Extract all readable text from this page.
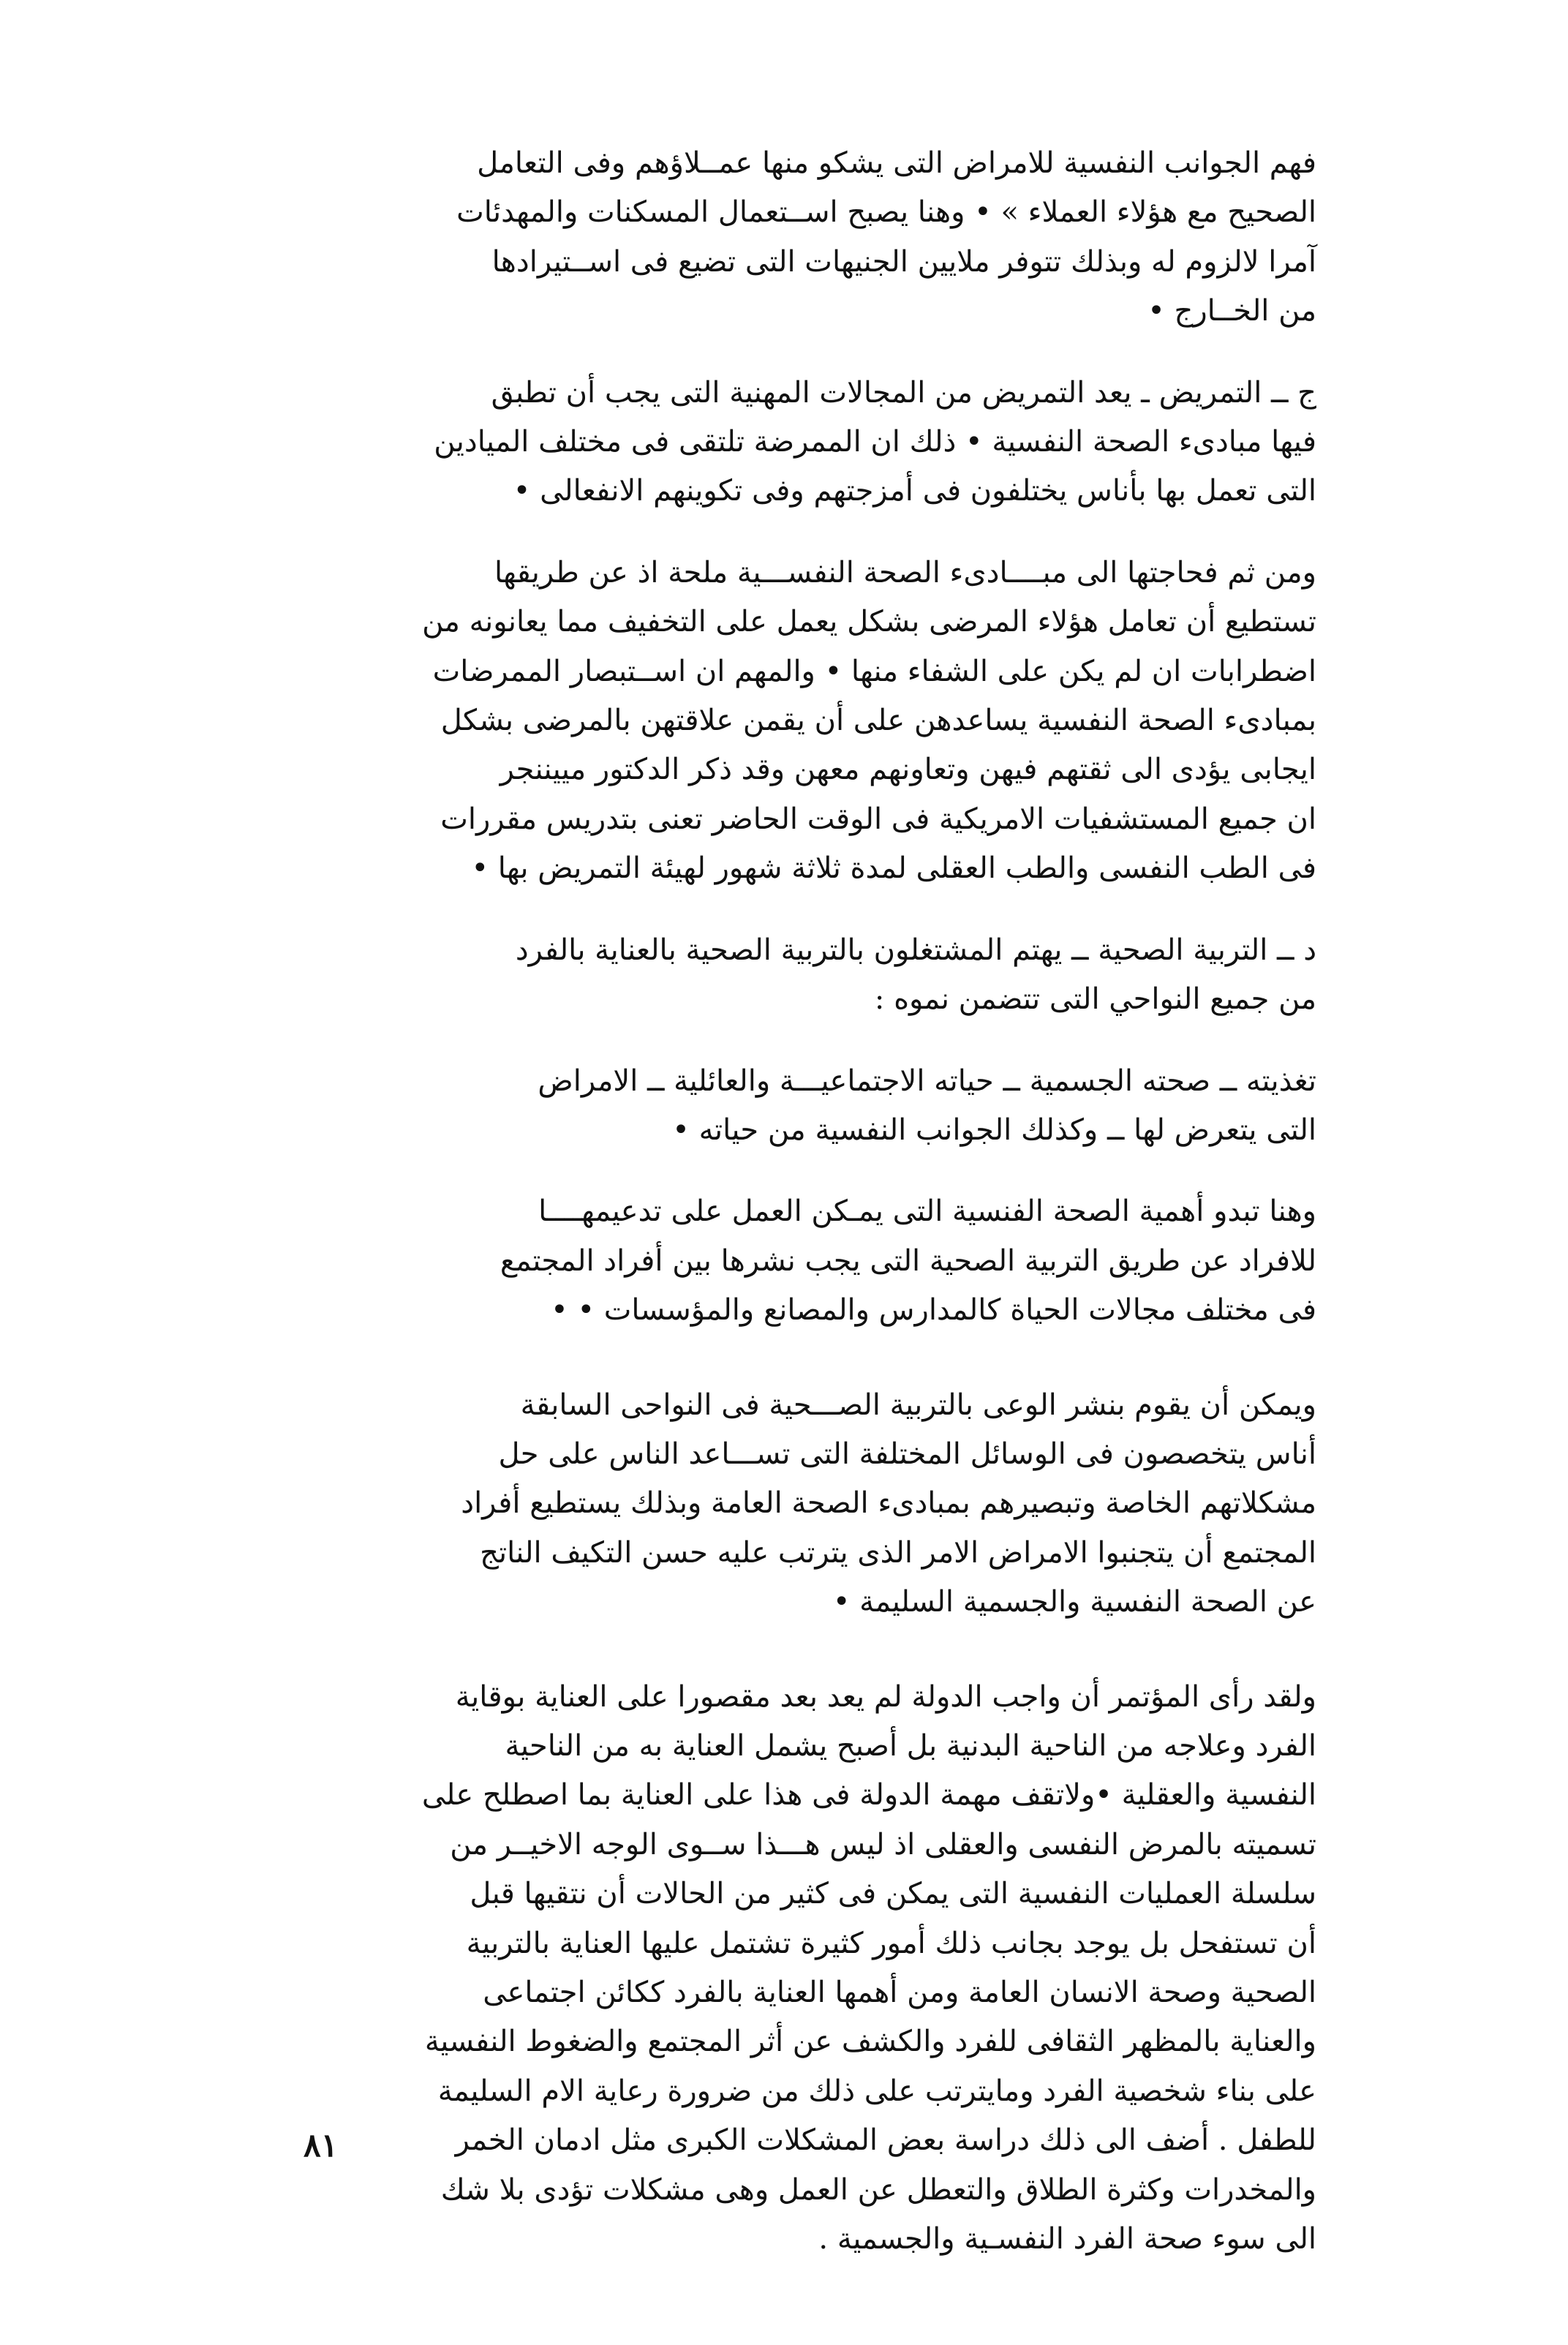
فهم الجوانب النفسية للامراض التى يشكو منها عمــلاؤهم وفى التعامل
الصحيح مع هؤلاء العملاء » • وهنا يصبح اســتعمال المسكنات والمهدئات
آمرا لالزوم له وبذلك تتوفر ملايين الجنيهات التى تضيع فى اســتيرادها
من الخــارج •

ج ــ التمريض ـ يعد التمريض من المجالات المهنية التى يجب أن تطبق
فيها مبادىء الصحة النفسية • ذلك ان الممرضة تلتقى فى مختلف الميادين
التى تعمل بها بأناس يختلفون فى أمزجتهم وفى تكوينهم الانفعالى •

ومن ثم فحاجتها الى مبــــادىء الصحة النفســـية ملحة اذ عن طريقها
تستطيع أن تعامل هؤلاء المرضى بشكل يعمل على التخفيف مما يعانونه من
اضطرابات ان لم يكن على الشفاء منها • والمهم ان اســتبصار الممرضات
بمبادىء الصحة النفسية يساعدهن على أن يقمن علاقتهن بالمرضى بشكل
ايجابى يؤدى الى ثقتهم فيهن وتعاونهم معهن وقد ذكر الدكتور مييننجر
ان جميع المستشفيات الامريكية فى الوقت الحاضر تعنى بتدريس مقررات
فى الطب النفسى والطب العقلى لمدة ثلاثة شهور لهيئة التمريض بها •

د ــ التربية الصحية ــ يهتم المشتغلون بالتربية الصحية بالعناية بالفرد
من جميع النواحي التى تتضمن نموه :

تغذيته ــ صحته الجسمية ــ حياته الاجتماعيـــة والعائلية ــ الامراض
التى يتعرض لها ــ وكذلك الجوانب النفسية من حياته •

وهنا تبدو أهمية الصحة الفنسية التى يمـكن العمل على تدعيمهــــا
للافراد عن طريق التربية الصحية التى يجب نشرها بين أفراد المجتمع
فى مختلف مجالات الحياة كالمدارس والمصانع والمؤسسات • •

ويمكن أن يقوم بنشر الوعى بالتربية الصـــحية فى النواحى السابقة
أناس يتخصصون فى الوسائل المختلفة التى تســـاعد الناس على حل
مشكلاتهم الخاصة وتبصيرهم بمبادىء الصحة العامة وبذلك يستطيع أفراد
المجتمع أن يتجنبوا الامراض الامر الذى يترتب عليه حسن التكيف الناتج
عن الصحة النفسية والجسمية السليمة •

ولقد رأى المؤتمر أن واجب الدولة لم يعد بعد مقصورا على العناية بوقاية
الفرد وعلاجه من الناحية البدنية بل أصبح يشمل العناية به من الناحية
النفسية والعقلية •ولاتقف مهمة الدولة فى هذا على العناية بما اصطلح على
تسميته بالمرض النفسى والعقلى اذ ليس هـــذا ســوى الوجه الاخيــر من
سلسلة العمليات النفسية التى يمكن فى كثير من الحالات أن نتقيها قبل
أن تستفحل بل يوجد بجانب ذلك أمور كثيرة تشتمل عليها العناية بالتربية
الصحية وصحة الانسان العامة ومن أهمها العناية بالفرد ككائن اجتماعى
والعناية بالمظهر الثقافى للفرد والكشف عن أثر المجتمع والضغوط النفسية
على بناء شخصية الفرد ومايترتب على ذلك من ضرورة رعاية الام السليمة
للطفل . أضف الى ذلك دراسة بعض المشكلات الكبرى مثل ادمان الخمر
والمخدرات وكثرة الطلاق والتعطل عن العمل وهى مشكلات تؤدى بلا شك
الى سوء صحة الفرد النفسـية والجسمية .

٨١
